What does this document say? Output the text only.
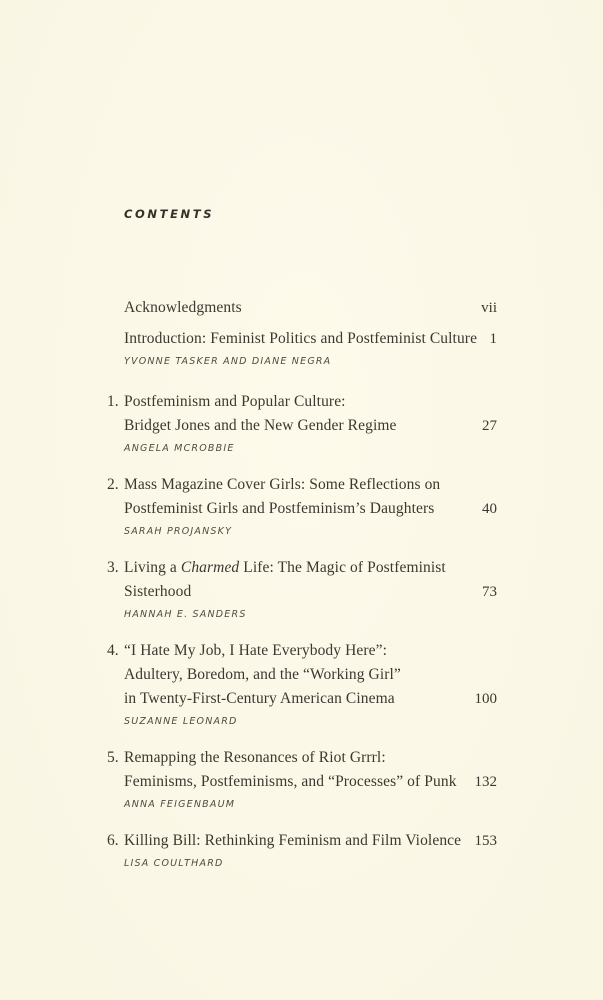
CONTENTS
Acknowledgments	vii
Introduction: Feminist Politics and Postfeminist Culture 1
YVONNE TASKER AND DIANE NEGRA
1. Postfeminism and Popular Culture:
Bridget Jones and the New Gender Regime	27
ANGELA MCROBBIE
2. Mass Magazine Cover Girls: Some Reflections on
Postfeminist Girls and Postfeminism’s Daughters	40
SARAH PROJANSKY
3. Living a Charmed Life: The Magic of Postfeminist
Sisterhood	73
HANNAH E. SANDERS
4. “I Hate My Job, I Hate Everybody Here”:
Adultery, Boredom, and the “Working Girl”
in Twenty-First-Century American Cinema	100
SUZANNE LEONARD
5. Remapping the Resonances of Riot Grrrl:
Feminisms, Postfeminisms, and “Processes” of Punk	132
ANNA FEIGENBAUM
6. Killing Bill: Rethinking Feminism and Film Violence 153
LISA COULTHARD
